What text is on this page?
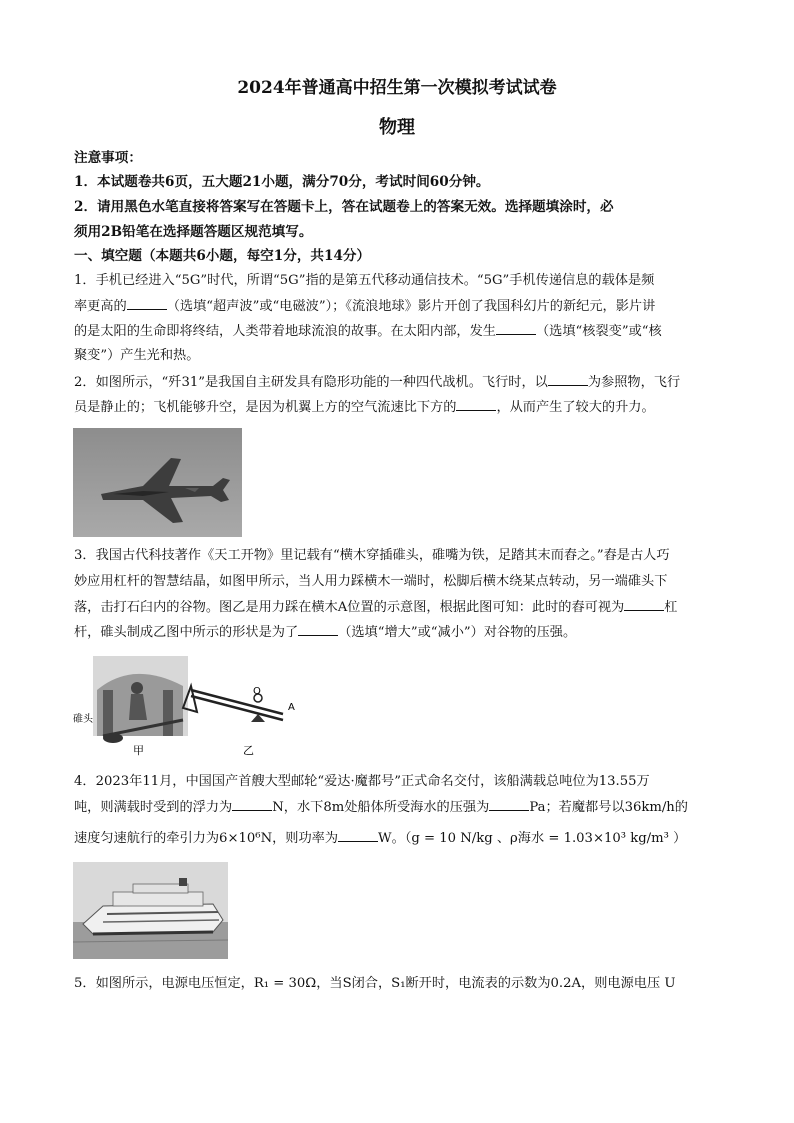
2024年普通高中招生第一次模拟考试试卷
物理
注意事项：
1．本试题卷共6页，五大题21小题，满分70分，考试时间60分钟。
2．请用黑色水笔直接将答案写在答题卡上，答在试题卷上的答案无效。选择题填涂时，必
须用2B铅笔在选择题答题区规范填写。
一、填空题（本题共6小题，每空1分，共14分）
1．手机已经进入“5G”时代，所谓“5G”指的是第五代移动通信技术。“5G”手机传递信息的载体是频
率更高的	（选填“超声波”或“电磁波”）；《流浪地球》影片开创了我国科幻片的新纪元，影片讲
的是太阳的生命即将终结，人类带着地球流浪的故事。在太阳内部，发生	（选填“核裂变”或“核
聚变”）产生光和热。
2．如图所示，“歼31”是我国自主研发具有隐形功能的一种四代战机。飞行时，以	为参照物，飞行
员是静止的；飞机能够升空，是因为机翼上方的空气流速比下方的	，从而产生了较大的升力。
3．我国古代科技著作《天工开物》里记载有“横木穿插碓头，碓嘴为铁，足踏其末而舂之。”舂是古人巧
妙应用杠杆的智慧结晶，如图甲所示，当人用力踩横木一端时，松脚后横木绕某点转动，另一端碓头下
落，击打石臼内的谷物。图乙是用力踩在横木A位置的示意图，根据此图可知：此时的舂可视为	杠
杆，碓头制成乙图中所示的形状是为了	（选填“增大”或“减小”）对谷物的压强。
O
A
碓头
甲	乙
4．2023年11月，中国国产首艘大型邮轮“爱达·魔都号”正式命名交付，该船满载总吨位为13.55万
吨，则满载时受到的浮力为	N，水下8m处船体所受海水的压强为	Pa；若魔都号以36km/h的
速度匀速航行的牵引力为6×10⁶N，则功率为	W。（g = 10 N/kg 、ρ海水 = 1.03×10³ kg/m³ ）
5．如图所示，电源电压恒定，R₁ = 30Ω，当S闭合，S₁断开时，电流表的示数为0.2A，则电源电压 U
